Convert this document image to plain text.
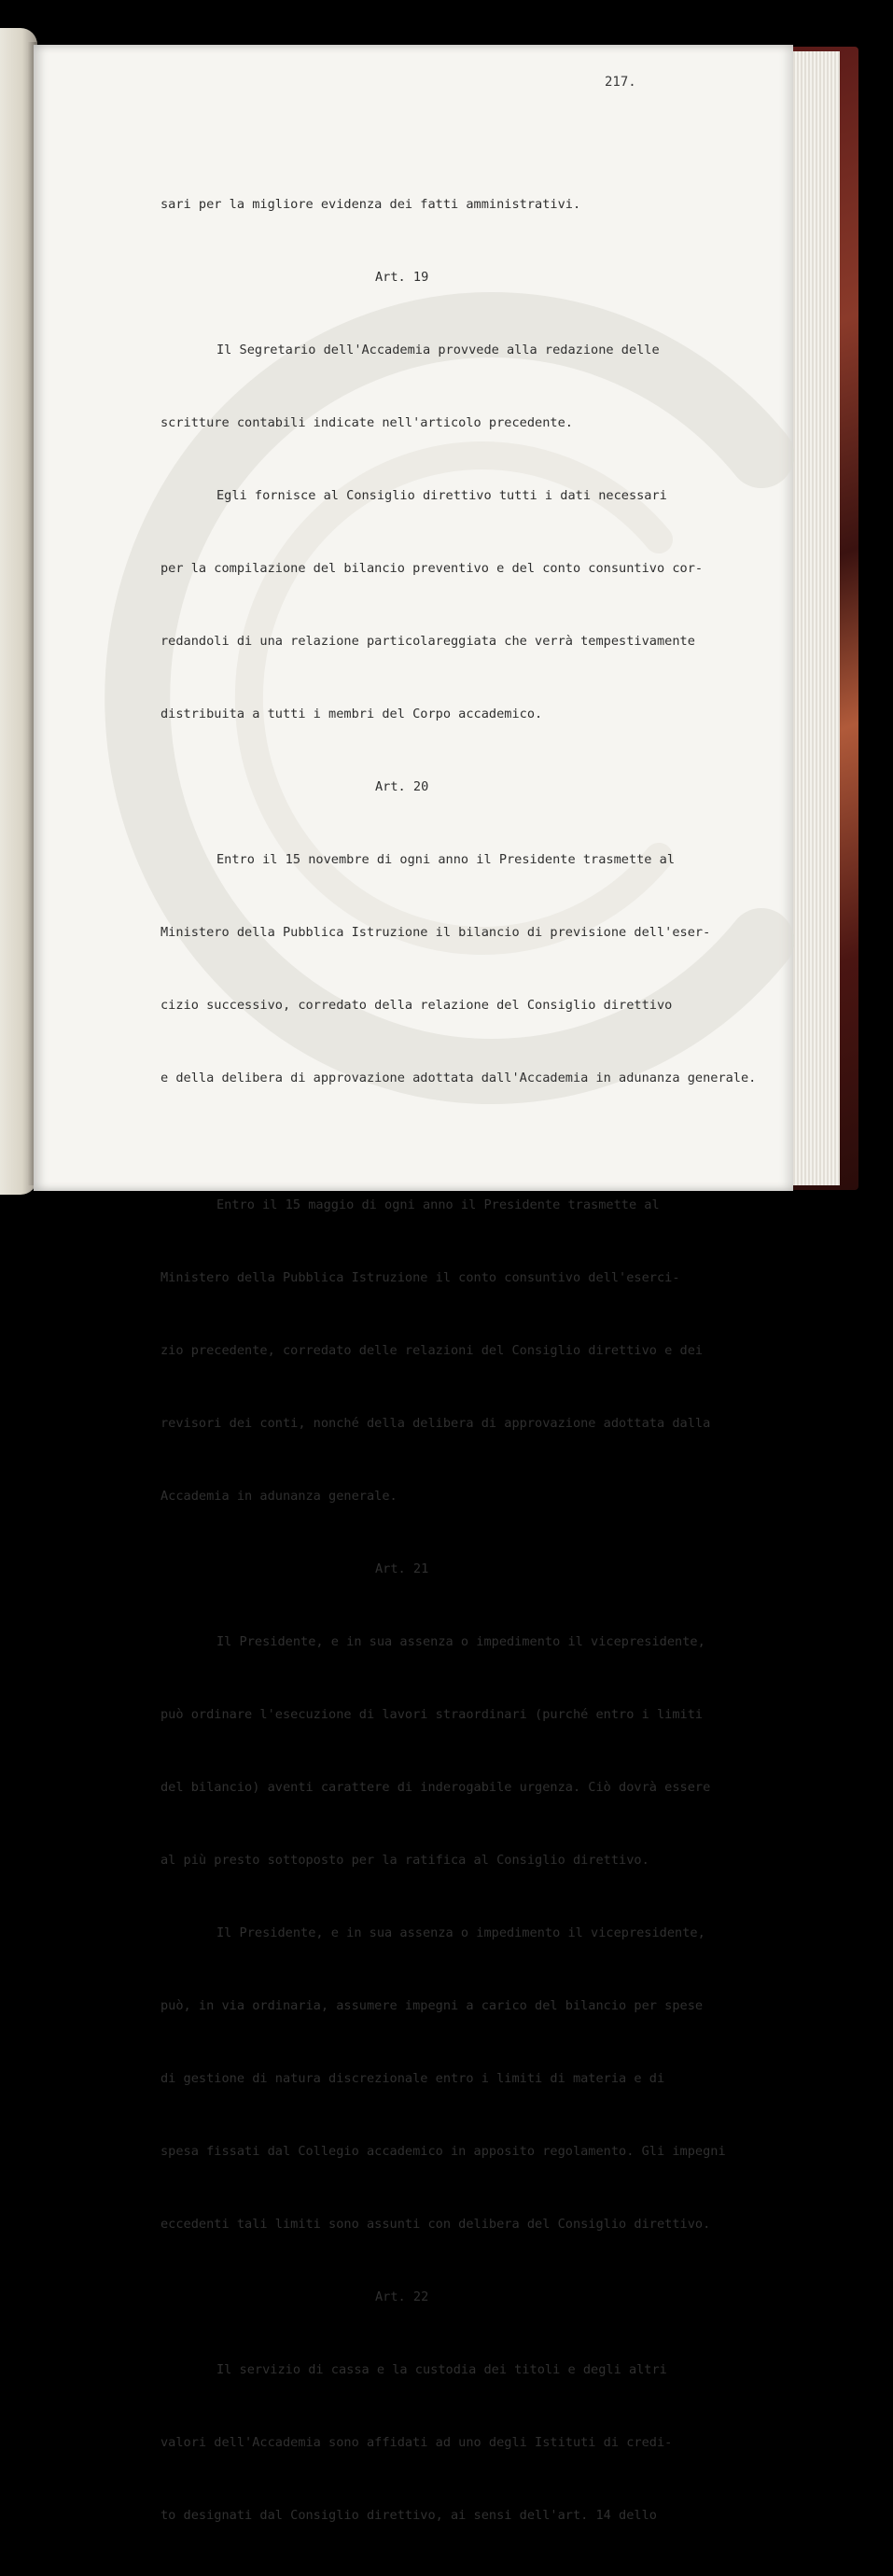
217.

sari per la migliore evidenza dei fatti amministrativi.

Art. 19

Il Segretario dell'Accademia provvede alla redazione delle

scritture contabili indicate nell'articolo precedente.

Egli fornisce al Consiglio direttivo tutti i dati necessari

per la compilazione del bilancio preventivo e del conto consuntivo cor-

redandoli di una relazione particolareggiata che verrà tempestivamente

distribuita a tutti i membri del Corpo accademico.

Art. 20

Entro il 15 novembre di ogni anno il Presidente trasmette al

Ministero della Pubblica Istruzione il bilancio di previsione dell'eser-

cizio successivo, corredato della relazione del Consiglio direttivo

e della delibera di approvazione adottata dall'Accademia in adunanza generale.

Entro il 15 maggio di ogni anno il Presidente trasmette al

Ministero della Pubblica Istruzione il conto consuntivo dell'eserci-

zio precedente, corredato delle relazioni del Consiglio direttivo e dei

revisori dei conti, nonché della delibera di approvazione adottata dalla

Accademia in adunanza generale.

Art. 21

Il Presidente, e in sua assenza o impedimento il vicepresidente,

può ordinare l'esecuzione di lavori straordinari (purché entro i limiti

del bilancio) aventi carattere di inderogabile urgenza. Ciò dovrà essere

al più presto sottoposto per la ratifica al Consiglio direttivo.

Il Presidente, e in sua assenza o impedimento il vicepresidente,

può, in via ordinaria, assumere impegni a carico del bilancio per spese

di gestione di natura discrezionale entro i limiti di materia e di

spesa fissati dal Collegio accademico in apposito regolamento. Gli impegni

eccedenti tali limiti sono assunti con delibera del Consiglio direttivo.

Art. 22

Il servizio di cassa e la custodia dei titoli e degli altri

valori dell'Accademia sono affidati ad uno degli Istituti di credi-

to designati dal Consiglio direttivo, ai sensi dell'art. 14 dello
